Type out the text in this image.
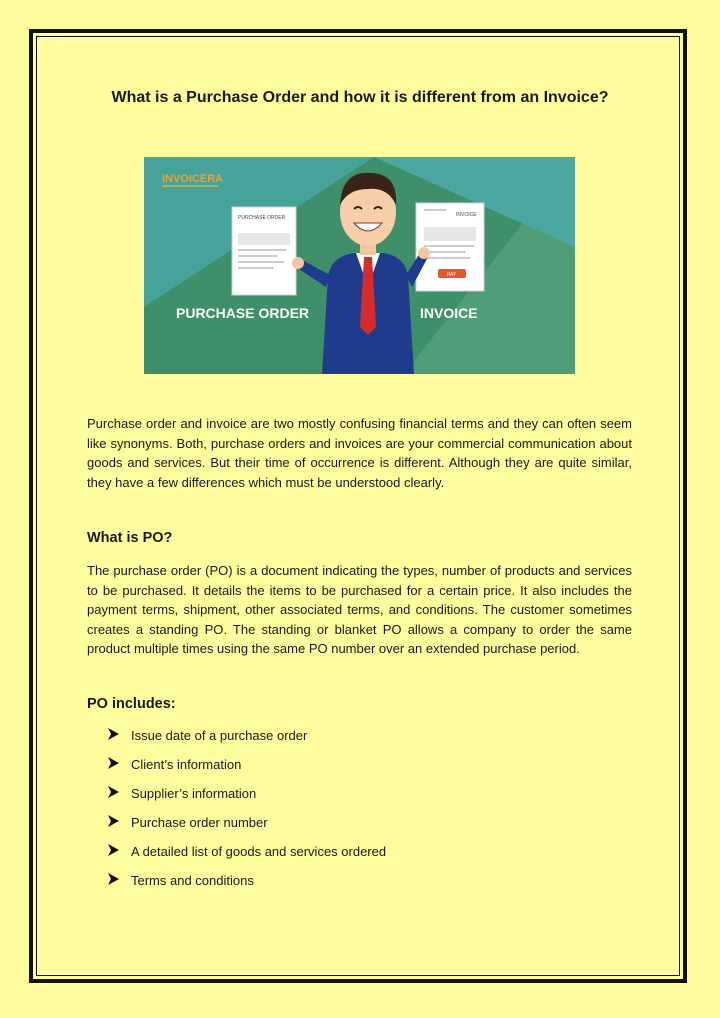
What is a Purchase Order and how it is different from an Invoice?
INVOICERA
PURCHASE ORDER	INVOICE
PAY
PURCHASE ORDER	INVOICE

Purchase order and invoice are two mostly confusing financial terms and they can often seem like synonyms. Both, purchase orders and invoices are your commercial communication about goods and services. But their time of occurrence is different. Although they are quite similar, they have a few differences which must be understood clearly.

What is PO?

The purchase order (PO) is a document indicating the types, number of products and services to be purchased. It details the items to be purchased for a certain price. It also includes the payment terms, shipment, other associated terms, and conditions. The customer sometimes creates a standing PO. The standing or blanket PO allows a company to order the same product multiple times using the same PO number over an extended purchase period.

PO includes:
Issue date of a purchase order
Client’s information
Supplier’s information
Purchase order number
A detailed list of goods and services ordered
Terms and conditions
